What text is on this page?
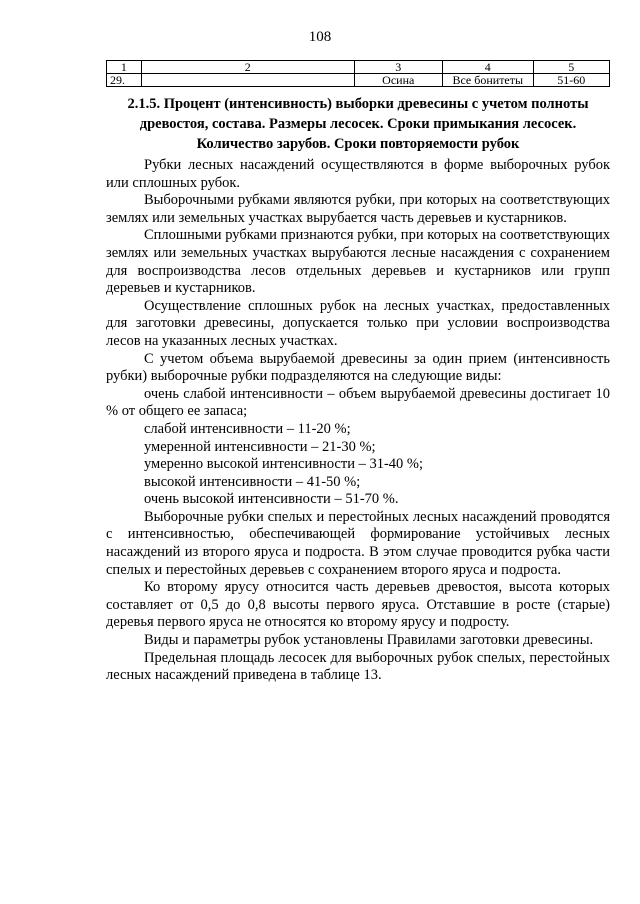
108
1	2	3	4	5
29.		Осина	Все бонитеты	51-60
2.1.5. Процент (интенсивность) выборки древесины с учетом полноты
древостоя, состава. Размеры лесосек. Сроки примыкания лесосек.
Количество зарубов. Сроки повторяемости рубок

Рубки лесных насаждений осуществляются в форме выборочных рубок или сплошных рубок.

Выборочными рубками являются рубки, при которых на соответствующих землях или земельных участках вырубается часть деревьев и кустарников.

Сплошными рубками признаются рубки, при которых на соответствующих землях или земельных участках вырубаются лесные насаждения с сохранением для воспроизводства лесов отдельных деревьев и кустарников или групп деревьев и кустарников.

Осуществление сплошных рубок на лесных участках, предоставленных для заготовки древесины, допускается только при условии воспроизводства лесов на указанных лесных участках.

С учетом объема вырубаемой древесины за один прием (интенсивность рубки) выборочные рубки подразделяются на следующие виды:

очень слабой интенсивности – объем вырубаемой древесины достигает 10 % от общего ее запаса;

слабой интенсивности – 11-20 %;

умеренной интенсивности – 21-30 %;

умеренно высокой интенсивности – 31-40 %;

высокой интенсивности – 41-50 %;

очень высокой интенсивности – 51-70 %.

Выборочные рубки спелых и перестойных лесных насаждений проводятся с интенсивностью, обеспечивающей формирование устойчивых лесных насаждений из второго яруса и подроста. В этом случае проводится рубка части спелых и перестойных деревьев с сохранением второго яруса и подроста.

Ко второму ярусу относится часть деревьев древостоя, высота которых составляет от 0,5 до 0,8 высоты первого яруса. Отставшие в росте (старые) деревья первого яруса не относятся ко второму ярусу и подросту.

Виды и параметры рубок установлены Правилами заготовки древесины.

Предельная площадь лесосек для выборочных рубок спелых, перестойных лесных насаждений приведена в таблице 13.
